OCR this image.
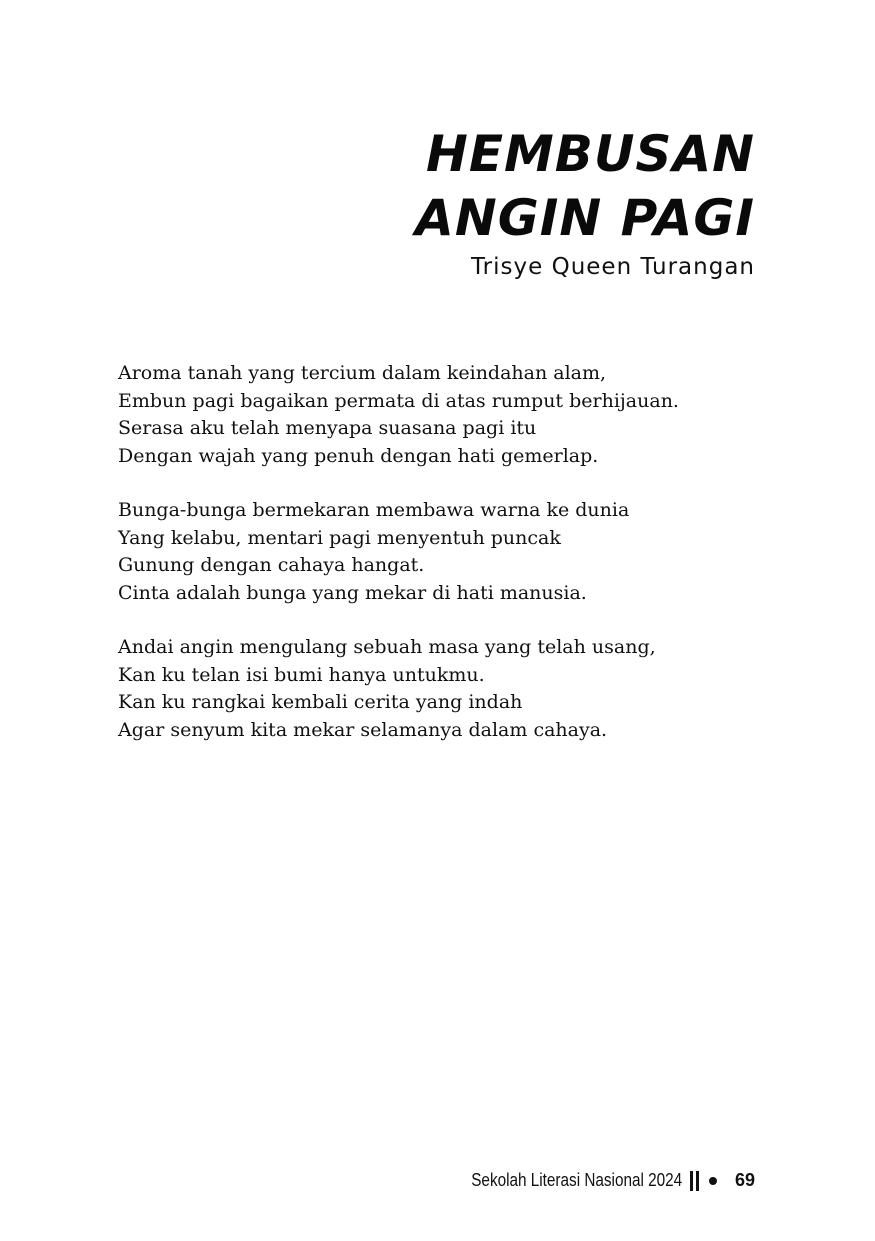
HEMBUSAN
ANGIN PAGI
Trisye Queen Turangan
Aroma tanah yang tercium dalam keindahan alam,
Embun pagi bagaikan permata di atas rumput berhijauan.
Serasa aku telah menyapa suasana pagi itu
Dengan wajah yang penuh dengan hati gemerlap.
Bunga-bunga bermekaran membawa warna ke dunia
Yang kelabu, mentari pagi menyentuh puncak
Gunung dengan cahaya hangat.
Cinta adalah bunga yang mekar di hati manusia.
Andai angin mengulang sebuah masa yang telah usang,
Kan ku telan isi bumi hanya untukmu.
Kan ku rangkai kembali cerita yang indah
Agar senyum kita mekar selamanya dalam cahaya.
Sekolah Literasi Nasional 2024	69
